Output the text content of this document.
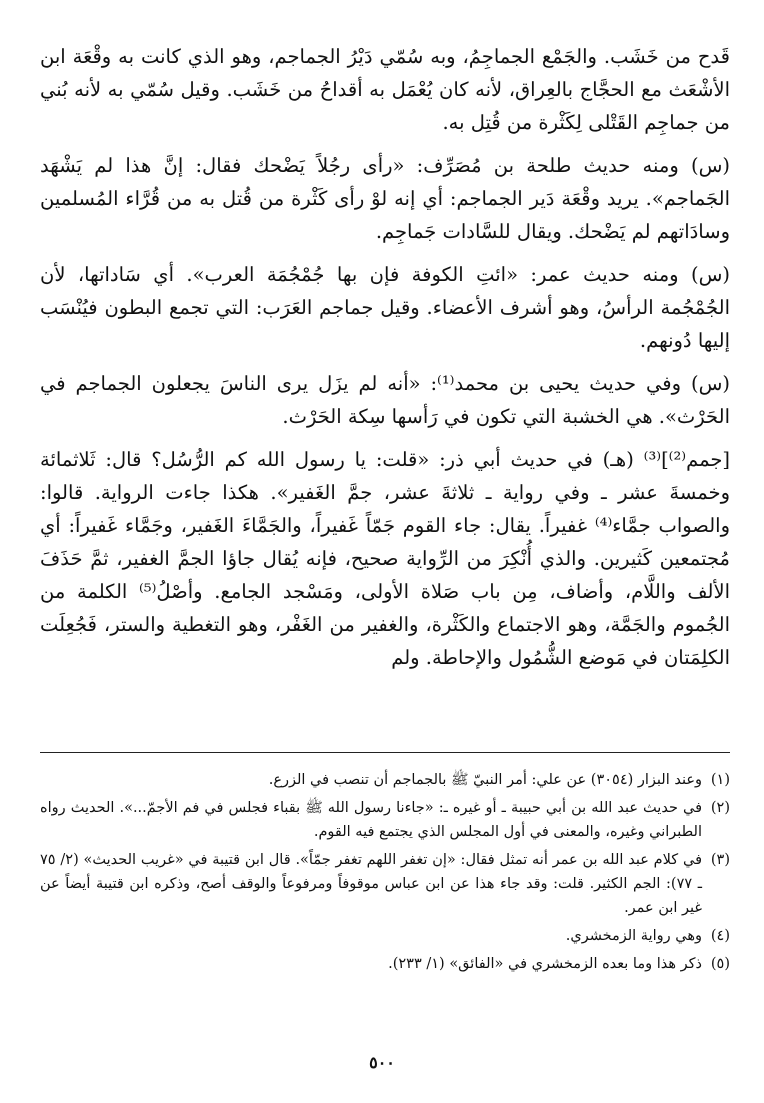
قَدح من خَشَب. والجَمْع الجماجِمُ، وبه سُمّي دَيْرُ الجماجم، وهو الذي كانت به وقْعَة ابن الأشْعَث مع الحجَّاج بالعِراق، لأنه كان يُعْمَل به أقداحُ من خَشَب. وقيل سُمّي به لأنه بُني من جماجِم القَتْلى لِكَثْرة من قُتِل به.

(س) ومنه حديث طلحة بن مُصَرِّف: «رأى رجُلاً يَضْحك فقال: إنَّ هذا لم يَشْهَد الجَماجم». يريد وقْعَة دَير الجماجم: أي إنه لوْ رأى كَثْرة من قُتل به من قُرَّاء المُسلمين وسادَاتهم لم يَضْحك. ويقال للسَّادات جَماجِم.

(س) ومنه حديث عمر: «ائتِ الكوفة فإن بها جُمْجُمَة العرب». أي سَاداتها، لأن الجُمْجُمة الرأسُ، وهو أشرف الأعضاء. وقيل جماجم العَرَب: التي تجمع البطون فيُنْسَب إليها دُونهم.

(س) وفي حديث يحيى بن محمد⁽¹⁾: «أنه لم يزَل يرى الناسَ يجعلون الجماجم في الحَرْث». هي الخشبة التي تكون في رَأسها سِكة الحَرْث.

[جمم⁽²⁾]⁽³⁾ (هـ) في حديث أبي ذر: «قلت: يا رسول الله كم الرُّسُل؟ قال: ثَلاثمائة وخمسةَ عشر ـ وفي رواية ـ ثلاثةَ عشر، جمَّ الغَفير». هكذا جاءت الرواية. قالوا: والصواب جمَّاء⁽⁴⁾ غفيراً. يقال: جاء القوم جَمّاً غَفيراً، والجَمَّاءَ الغَفير، وجَمَّاء غَفيراً: أي مُجتمعين كَثيرين. والذي أُنْكِرَ من الرِّواية صحيح، فإنه يُقال جاؤا الجمَّ الغفير، ثمَّ حَذَفَ الألف واللَّام، وأضاف، مِن باب صَلاة الأولى، ومَسْجد الجامع. وأصْلُ⁽⁵⁾ الكلمة من الجُموم والجَمَّة، وهو الاجتماع والكَثْرة، والغفير من الغَفْر، وهو التغطية والستر، فَجُعِلَت الكلِمَتان في مَوضع الشُّمُول والإحاطة. ولم

(١)
وعند البزار (٣٠٥٤) عن علي: أمر النبيّ ﷺ بالجماجم أن تنصب في الزرع.
(٢)
في حديث عبد الله بن أبي حبيبة ـ أو غيره ـ: «جاءنا رسول الله ﷺ بقباء فجلس في فم الأجمّ...». الحديث رواه الطبراني وغيره، والمعنى في أول المجلس الذي يجتمع فيه القوم.
(٣)
في كلام عبد الله بن عمر أنه تمثل فقال: «إن تغفر اللهم تغفر جمّاً». قال ابن قتيبة في «غريب الحديث» (٢/ ٧٥ ـ ٧٧): الجم الكثير. قلت: وقد جاء هذا عن ابن عباس موقوفاً ومرفوعاً والوقف أصح، وذكره ابن قتيبة أيضاً عن غير ابن عمر.
(٤)
وهي رواية الزمخشري.
(٥)
ذكر هذا وما بعده الزمخشري في «الفائق» (١/ ٢٣٣).
٥٠٠
